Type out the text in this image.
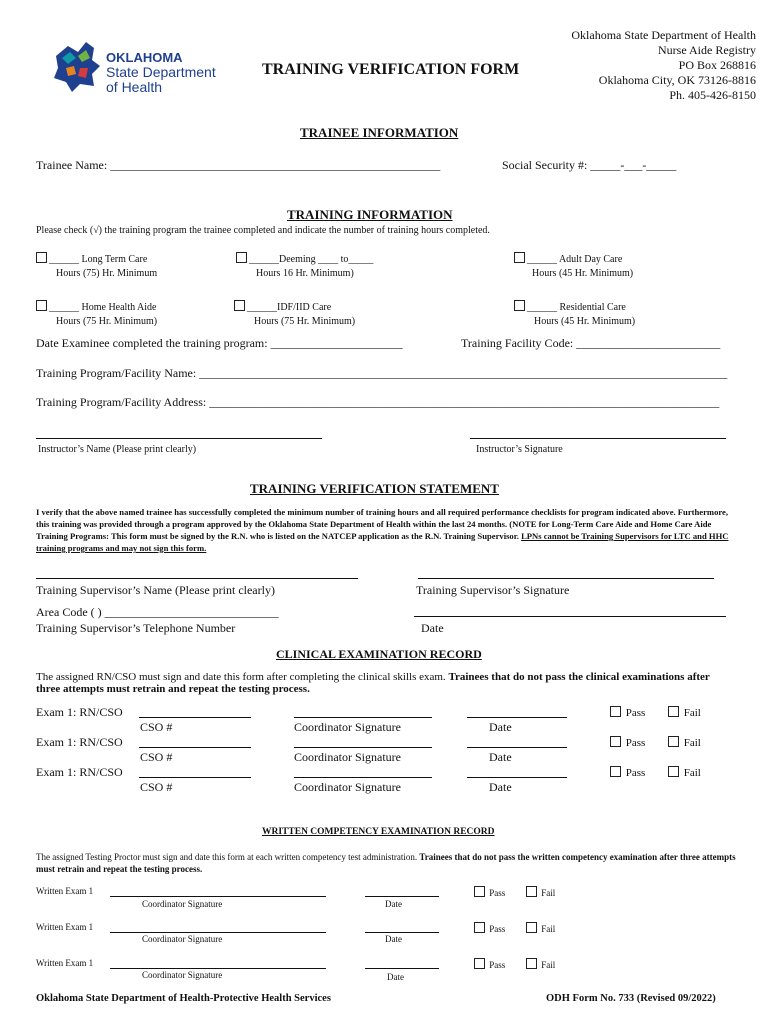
OKLAHOMA
State Department
of Health
TRAINING VERIFICATION FORM
Oklahoma State Department of Health
Nurse Aide Registry
PO Box 268816
Oklahoma City, OK 73126-8816
Ph. 405-426-8150
TRAINEE INFORMATION
Trainee Name: _______________________________________________________	Social Security #: _____-___-_____
TRAINING INFORMATION
Please check (√) the training program the trainee completed and indicate the number of training hours completed.
______ Long Term Care
Hours (75) Hr. Minimum
______Deeming ____ to_____
Hours 16 Hr. Minimum)
______ Adult Day Care
Hours (45 Hr. Minimum)
______ Home Health Aide
Hours (75 Hr. Minimum)
______IDF/IID Care
Hours (75 Hr. Minimum)
______ Residential Care
Hours (45 Hr. Minimum)
Date Examinee completed the training program: ______________________	Training Facility Code: ________________________
Training Program/Facility Name: ________________________________________________________________________________________
Training Program/Facility Address: _____________________________________________________________________________________
Instructor’s Name (Please print clearly)	Instructor’s Signature
TRAINING VERIFICATION STATEMENT
I verify that the above named trainee has successfully completed the minimum number of training hours and all required performance checklists for program indicated above. Furthermore, this training was provided through a program approved by the Oklahoma State Department of Health within the last 24 months. (NOTE for Long-Term Care Aide and Home Care Aide Training Programs: This form must be signed by the R.N. who is listed on the NATCEP application as the R.N. Training Supervisor. LPNs cannot be Training Supervisors for LTC and HHC training programs and may not sign this form.
Training Supervisor’s Name (Please print clearly)	Training Supervisor’s Signature
Area Code ( ) _____________________________
Training Supervisor’s Telephone Number	Date
CLINICAL EXAMINATION RECORD
The assigned RN/CSO must sign and date this form after completing the clinical skills exam. Trainees that do not pass the clinical examinations after three attempts must retrain and repeat the testing process.
Exam 1: RN/CSO	Pass	Fail
CSO #	Coordinator Signature	Date
Exam 1: RN/CSO	Pass	Fail
CSO #	Coordinator Signature	Date
Exam 1: RN/CSO	Pass	Fail
CSO #	Coordinator Signature	Date
WRITTEN COMPETENCY EXAMINATION RECORD
The assigned Testing Proctor must sign and date this form at each written competency test administration. Trainees that do not pass the written competency examination after three attempts must retrain and repeat the testing process.
Written Exam 1	Pass	Fail
Coordinator Signature	Date
Written Exam 1	Pass	Fail
Coordinator Signature	Date
Written Exam 1	Pass	Fail
Coordinator Signature	Date
Oklahoma State Department of Health-Protective Health Services	ODH Form No. 733 (Revised 09/2022)
